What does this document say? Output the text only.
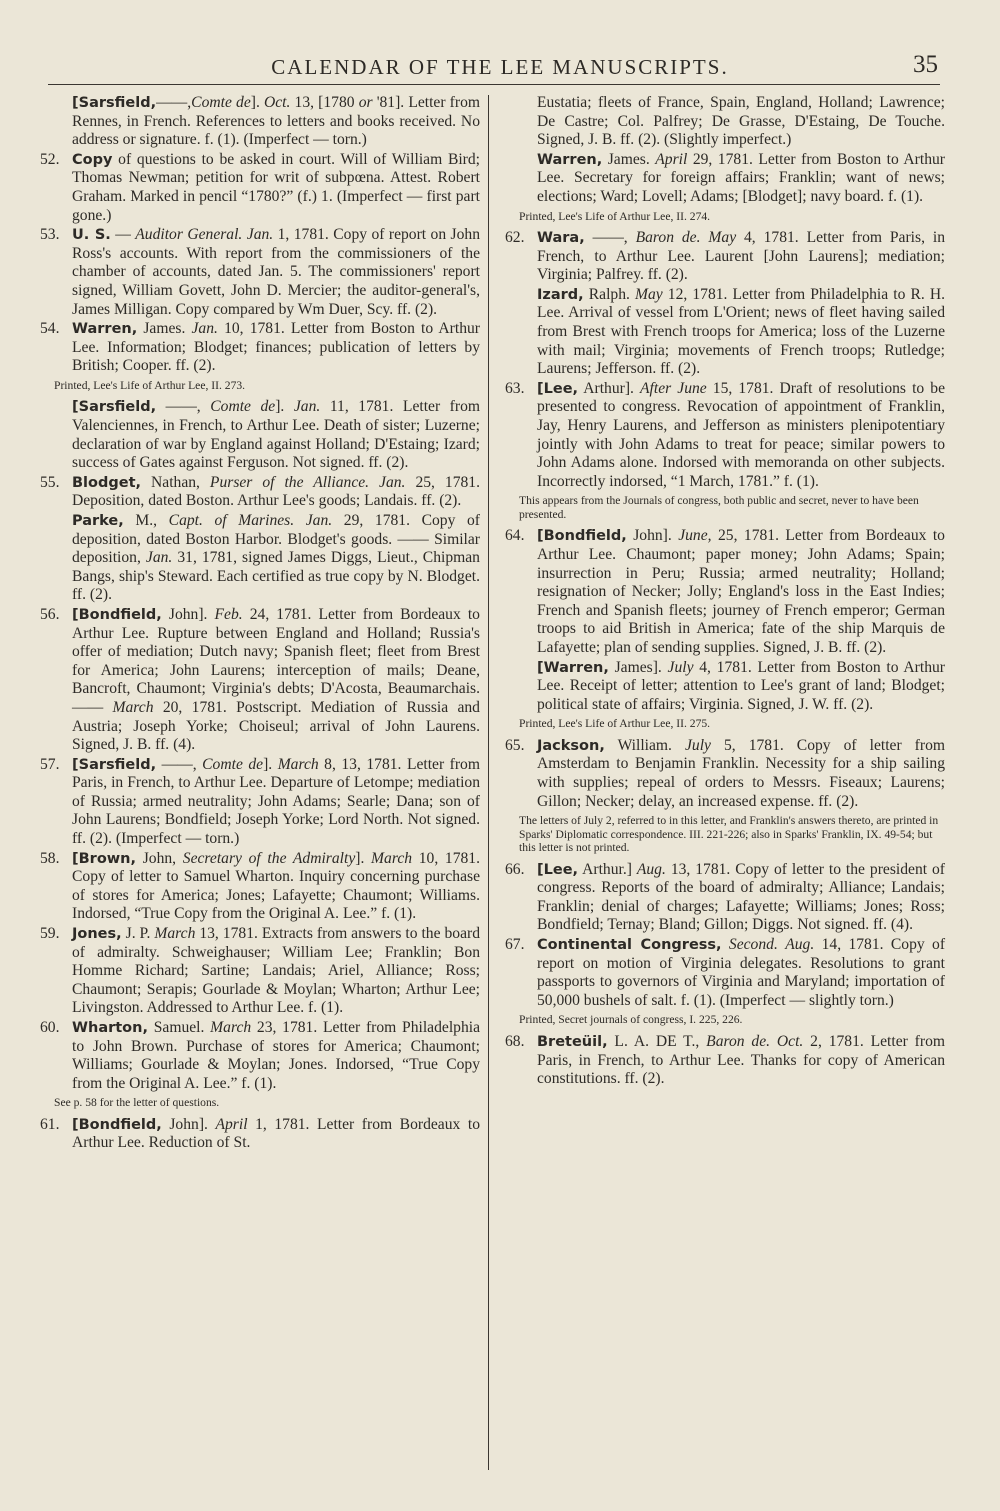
CALENDAR OF THE LEE MANUSCRIPTS.	35
[Sarsfield,——,Comte de]. Oct. 13, [1780 or '81]. Letter from Rennes, in French. References to letters and books received. No address or signature. f. (1). (Imperfect — torn.)
52. Copy of questions to be asked in court. Will of William Bird; Thomas Newman; petition for writ of subpœna. Attest. Robert Graham. Marked in pencil “1780?” (f.) 1. (Imperfect — first part gone.)
53. U. S. — Auditor General. Jan. 1, 1781. Copy of report on John Ross's accounts. With report from the commissioners of the chamber of accounts, dated Jan. 5. The commissioners' report signed, William Govett, John D. Mercier; the auditor-general's, James Milligan. Copy compared by Wm Duer, Scy. ff. (2).
54. Warren, James. Jan. 10, 1781. Letter from Boston to Arthur Lee. Information; Blodget; finances; publication of letters by British; Cooper. ff. (2).
Printed, Lee's Life of Arthur Lee, II. 273.
[Sarsfield, ——, Comte de]. Jan. 11, 1781. Letter from Valenciennes, in French, to Arthur Lee. Death of sister; Luzerne; declaration of war by England against Holland; D'Estaing; Izard; success of Gates against Ferguson. Not signed. ff. (2).
55. Blodget, Nathan, Purser of the Alliance. Jan. 25, 1781. Deposition, dated Boston. Arthur Lee's goods; Landais. ff. (2).
Parke, M., Capt. of Marines. Jan. 29, 1781. Copy of deposition, dated Boston Harbor. Blodget's goods. —— Similar deposition, Jan. 31, 1781, signed James Diggs, Lieut., Chipman Bangs, ship's Steward. Each certified as true copy by N. Blodget. ff. (2).
56. [Bondfield, John]. Feb. 24, 1781. Letter from Bordeaux to Arthur Lee. Rupture between England and Holland; Russia's offer of mediation; Dutch navy; Spanish fleet; fleet from Brest for America; John Laurens; interception of mails; Deane, Bancroft, Chaumont; Virginia's debts; D'Acosta, Beaumarchais. —— March 20, 1781. Postscript. Mediation of Russia and Austria; Joseph Yorke; Choiseul; arrival of John Laurens. Signed, J. B. ff. (4).
57. [Sarsfield, ——, Comte de]. March 8, 13, 1781. Letter from Paris, in French, to Arthur Lee. Departure of Letompe; mediation of Russia; armed neutrality; John Adams; Searle; Dana; son of John Laurens; Bondfield; Joseph Yorke; Lord North. Not signed. ff. (2). (Imperfect — torn.)
58. [Brown, John, Secretary of the Admiralty]. March 10, 1781. Copy of letter to Samuel Wharton. Inquiry concerning purchase of stores for America; Jones; Lafayette; Chaumont; Williams. Indorsed, “True Copy from the Original A. Lee.” f. (1).
59. Jones, J. P. March 13, 1781. Extracts from answers to the board of admiralty. Schweighauser; William Lee; Franklin; Bon Homme Richard; Sartine; Landais; Ariel, Alliance; Ross; Chaumont; Serapis; Gourlade & Moylan; Wharton; Arthur Lee; Livingston. Addressed to Arthur Lee. f. (1).
60. Wharton, Samuel. March 23, 1781. Letter from Philadelphia to John Brown. Purchase of stores for America; Chaumont; Williams; Gourlade & Moylan; Jones. Indorsed, “True Copy from the Original A. Lee.” f. (1).
See p. 58 for the letter of questions.
61. [Bondfield, John]. April 1, 1781. Letter from Bordeaux to Arthur Lee. Reduction of St.
Eustatia; fleets of France, Spain, England, Holland; Lawrence; De Castre; Col. Palfrey; De Grasse, D'Estaing, De Touche. Signed, J. B. ff. (2). (Slightly imperfect.)
Warren, James. April 29, 1781. Letter from Boston to Arthur Lee. Secretary for foreign affairs; Franklin; want of news; elections; Ward; Lovell; Adams; [Blodget]; navy board. f. (1).
Printed, Lee's Life of Arthur Lee, II. 274.
62. Wara, ——, Baron de. May 4, 1781. Letter from Paris, in French, to Arthur Lee. Laurent [John Laurens]; mediation; Virginia; Palfrey. ff. (2).
Izard, Ralph. May 12, 1781. Letter from Philadelphia to R. H. Lee. Arrival of vessel from L'Orient; news of fleet having sailed from Brest with French troops for America; loss of the Luzerne with mail; Virginia; movements of French troops; Rutledge; Laurens; Jefferson. ff. (2).
63. [Lee, Arthur]. After June 15, 1781. Draft of resolutions to be presented to congress. Revocation of appointment of Franklin, Jay, Henry Laurens, and Jefferson as ministers plenipotentiary jointly with John Adams to treat for peace; similar powers to John Adams alone. Indorsed with memoranda on other subjects. Incorrectly indorsed, “1 March, 1781.” f. (1).
This appears from the Journals of congress, both public and secret, never to have been presented.
64. [Bondfield, John]. June, 25, 1781. Letter from Bordeaux to Arthur Lee. Chaumont; paper money; John Adams; Spain; insurrection in Peru; Russia; armed neutrality; Holland; resignation of Necker; Jolly; England's loss in the East Indies; French and Spanish fleets; journey of French emperor; German troops to aid British in America; fate of the ship Marquis de Lafayette; plan of sending supplies. Signed, J. B. ff. (2).
[Warren, James]. July 4, 1781. Letter from Boston to Arthur Lee. Receipt of letter; attention to Lee's grant of land; Blodget; political state of affairs; Virginia. Signed, J. W. ff. (2).
Printed, Lee's Life of Arthur Lee, II. 275.
65. Jackson, William. July 5, 1781. Copy of letter from Amsterdam to Benjamin Franklin. Necessity for a ship sailing with supplies; repeal of orders to Messrs. Fiseaux; Laurens; Gillon; Necker; delay, an increased expense. ff. (2).
The letters of July 2, referred to in this letter, and Franklin's answers thereto, are printed in Sparks' Diplomatic correspondence. III. 221-226; also in Sparks' Franklin, IX. 49-54; but this letter is not printed.
66. [Lee, Arthur.] Aug. 13, 1781. Copy of letter to the president of congress. Reports of the board of admiralty; Alliance; Landais; Franklin; denial of charges; Lafayette; Williams; Jones; Ross; Bondfield; Ternay; Bland; Gillon; Diggs. Not signed. ff. (4).
67. Continental Congress, Second. Aug. 14, 1781. Copy of report on motion of Virginia delegates. Resolutions to grant passports to governors of Virginia and Maryland; importation of 50,000 bushels of salt. f. (1). (Imperfect — slightly torn.)
Printed, Secret journals of congress, I. 225, 226.
68. Breteüil, L. A. DE T., Baron de. Oct. 2, 1781. Letter from Paris, in French, to Arthur Lee. Thanks for copy of American constitutions. ff. (2).
